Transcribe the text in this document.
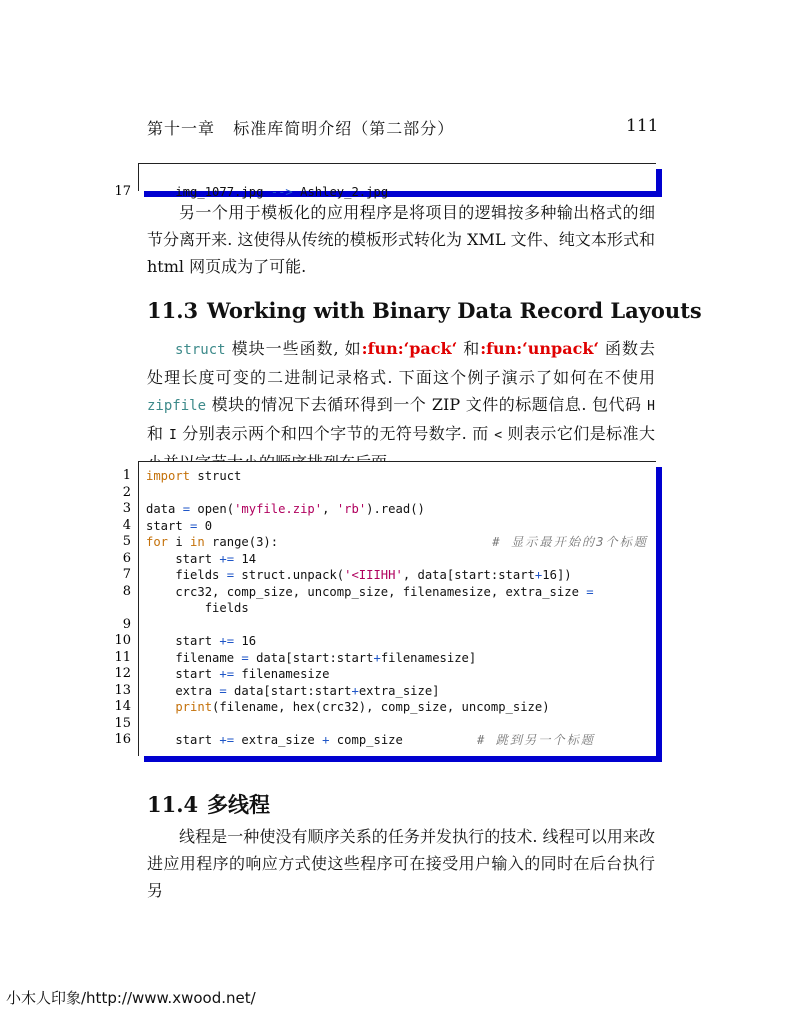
第十一章   标准库简明介绍（第二部分）	111

17	img_1077.jpg --> Ashley_2.jpg

另一个用于模板化的应用程序是将项目的逻辑按多种输出格式的细节分离开来. 这使得从传统的模板形式转化为 XML 文件、纯文本形式和 html 网页成为了可能.
11.3 Working with Binary Data Record Layouts
struct 模块一些函数, 如:fun:‘pack‘ 和:fun:‘unpack‘ 函数去处理长度可变的二进制记录格式. 下面这个例子演示了如何在不使用 zipfile 模块的情况下去循环得到一个 ZIP 文件的标题信息. 包代码 H 和 I 分别表示两个和四个字节的无符号数字. 而 < 则表示它们是标准大
1 import struct
2
3 data = open('myfile.zip', 'rb').read()
4 start = 0
5 for i in range(3):	# 显示最开始的3个标题
6 start += 14
7 fields = struct.unpack('<IIIHH', data[start:start+16])
8 crc32, comp_size, uncomp_size, filenamesize, extra_size =
fields
9
10 start += 16
11 filename = data[start:start+filenamesize]
12 start += filenamesize
13 extra = data[start:start+extra_size]
14 print(filename, hex(crc32), comp_size, uncomp_size)
15
16 start += extra_size + comp_size	# 跳到另一个标题
11.4 多线程
线程是一种使没有顺序关系的任务并发执行的技术. 线程可以用来改进应用程序的响应方式使这些程序可在接受用户输入的同时在后台执行另
小木人印象/http://www.xwood.net/
